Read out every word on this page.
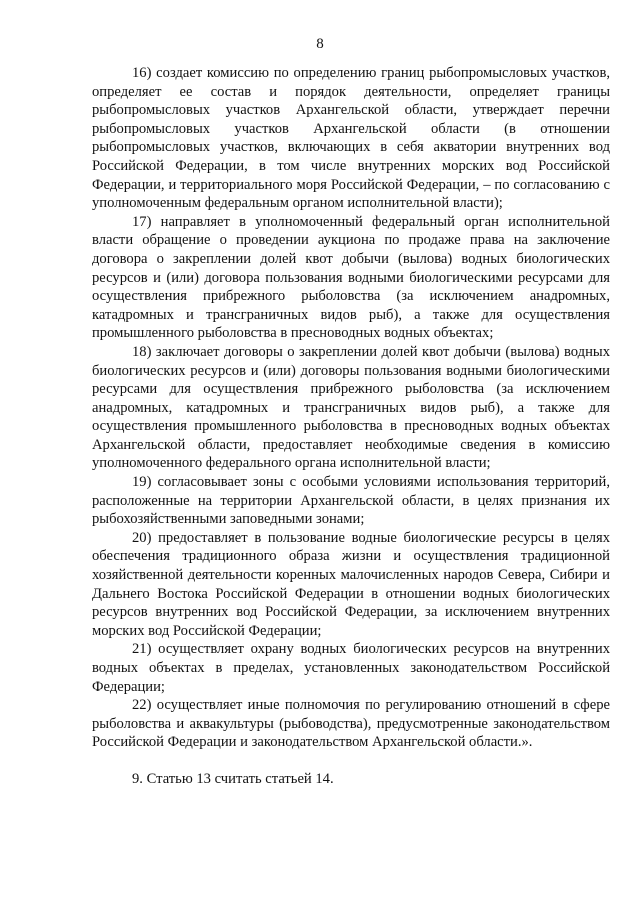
8

16) создает комиссию по определению границ рыбопромысловых участков, определяет ее состав и порядок деятельности, определяет границы рыбопромысловых участков Архангельской области, утверждает перечни рыбопромысловых участков Архангельской области (в отношении рыбопромысловых участков, включающих в себя акватории внутренних вод Российской Федерации, в том числе внутренних морских вод Российской Федерации, и территориального моря Российской Федерации, – по согласованию с уполномоченным федеральным органом исполнительной власти);

17) направляет в уполномоченный федеральный орган исполнительной власти обращение о проведении аукциона по продаже права на заключение договора о закреплении долей квот добычи (вылова) водных биологических ресурсов и (или) договора пользования водными биологическими ресурсами для осуществления прибрежного рыболовства (за исключением анадромных, катадромных и трансграничных видов рыб), а также для осуществления промышленного рыболовства в пресноводных водных объектах;

18) заключает договоры о закреплении долей квот добычи (вылова) водных биологических ресурсов и (или) договоры пользования водными биологическими ресурсами для осуществления прибрежного рыболовства (за исключением анадромных, катадромных и трансграничных видов рыб), а также для осуществления промышленного рыболовства в пресноводных водных объектах Архангельской области, предоставляет необходимые сведения в комиссию уполномоченного федерального органа исполнительной власти;

19) согласовывает зоны с особыми условиями использования территорий, расположенные на территории Архангельской области, в целях признания их рыбохозяйственными заповедными зонами;

20) предоставляет в пользование водные биологические ресурсы в целях обеспечения традиционного образа жизни и осуществления традиционной хозяйственной деятельности коренных малочисленных народов Севера, Сибири и Дальнего Востока Российской Федерации в отношении водных биологических ресурсов внутренних вод Российской Федерации, за исключением внутренних морских вод Российской Федерации;

21) осуществляет охрану водных биологических ресурсов на внутренних водных объектах в пределах, установленных законодательством Российской Федерации;

22) осуществляет иные полномочия по регулированию отношений в сфере рыболовства и аквакультуры (рыбоводства), предусмотренные законодательством Российской Федерации и законодательством Архангельской области.».

9. Статью 13 считать статьей 14.
